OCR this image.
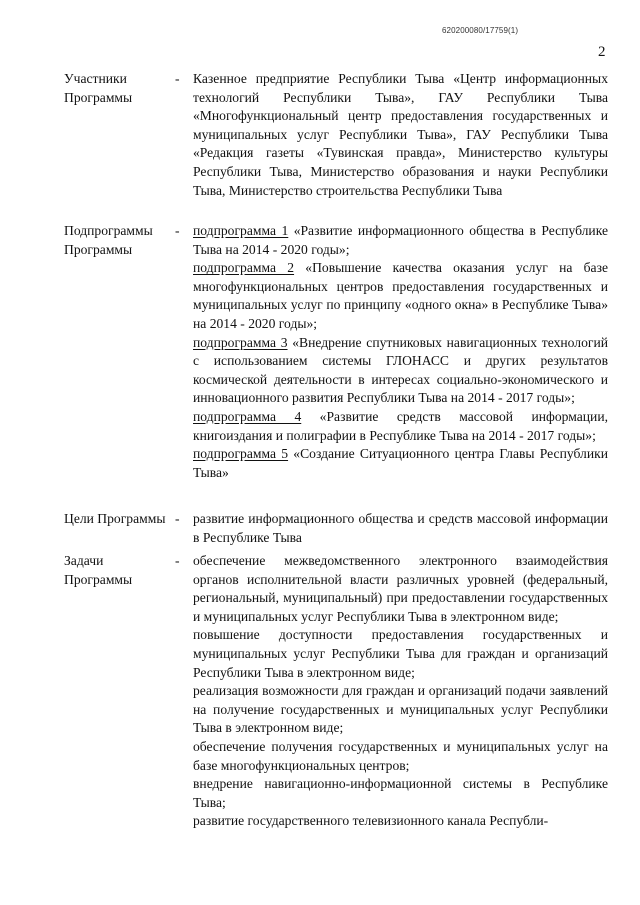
620200080/17759(1)
2
Участники Программы
- Казенное предприятие Республики Тыва «Центр информационных технологий Республики Тыва», ГАУ Республики Тыва «Многофункциональный центр предоставления государственных и муниципальных услуг Республики Тыва», ГАУ Республики Тыва «Редакция газеты «Тувинская правда», Министерство культуры Республики Тыва, Министерство образования и науки Республики Тыва, Министерство строительства Республики Тыва

Подпрограммы Программы
- подпрограмма 1 «Развитие информационного общества в Республике Тыва на 2014 - 2020 годы»;

подпрограмма 2 «Повышение качества оказания услуг на базе многофункциональных центров предоставления государственных и муниципальных услуг по принципу «одного окна» в Республике Тыва» на 2014 - 2020 годы»;

подпрограмма 3 «Внедрение спутниковых навигационных технологий с использованием системы ГЛОНАСС и других результатов космической деятельности в интересах социально-экономического и инновационного развития Республики Тыва на 2014 - 2017 годы»;

подпрограмма 4 «Развитие средств массовой информации, книгоиздания и полиграфии в Республике Тыва на 2014 - 2017 годы»;

подпрограмма 5 «Создание Ситуационного центра Главы Республики Тыва»

Цели Программы - развитие информационного общества и средств массовой информации в Республике Тыва

Задачи Программы
- обеспечение межведомственного электронного взаимодействия органов исполнительной власти различных уровней (федеральный, региональный, муниципальный) при предоставлении государственных и муниципальных услуг Республики Тыва в электронном виде;

повышение доступности предоставления государственных и муниципальных услуг Республики Тыва для граждан и организаций Республики Тыва в электронном виде;

реализация возможности для граждан и организаций подачи заявлений на получение государственных и муниципальных услуг Республики Тыва в электронном виде;

обеспечение получения государственных и муниципальных услуг на базе многофункциональных центров;

внедрение навигационно-информационной системы в Республике Тыва;

развитие государственного телевизионного канала Республи-
